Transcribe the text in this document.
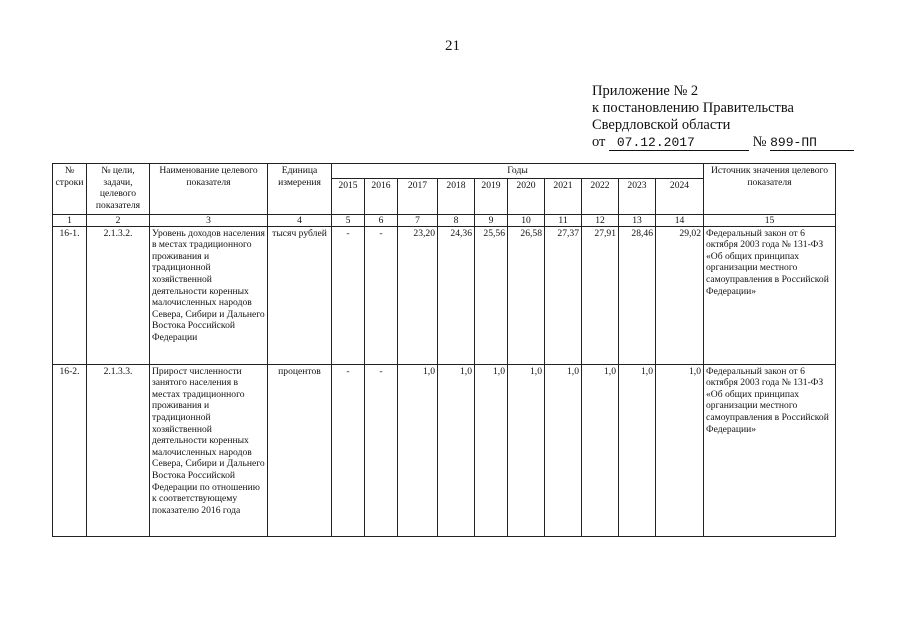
21
Приложение № 2
к постановлению Правительства
Свердловской области
от 07.12.2017	№ 899-ПП
№ строки	№ цели, задачи, целевого показателя	Наименование целевого показателя	Единица измерения	Годы										Источник значения целевого показателя
				2015	2016	2017	2018	2019	2020	2021	2022	2023	2024	
1	2	3	4	5	6	7	8	9	10	11	12	13	14	15
16-1.	2.1.3.2.	Уровень доходов населения в местах традиционного проживания и традиционной хозяйственной деятельности коренных малочисленных народов Севера, Сибири и Дальнего Востока Российской Федерации	тысяч рублей	-	-	23,20	24,36	25,56	26,58	27,37	27,91	28,46	29,02	Федеральный закон от 6 октября 2003 года № 131-ФЗ «Об общих принципах организации местного самоуправления в Российской Федерации»
16-2.	2.1.3.3.	Прирост численности занятого населения в местах традиционного проживания и традиционной хозяйственной деятельности коренных малочисленных народов Севера, Сибири и Дальнего Востока Российской Федерации по отношению к соответствующему показателю 2016 года	процентов	-	-	1,0	1,0	1,0	1,0	1,0	1,0	1,0	1,0	Федеральный закон от 6 октября 2003 года № 131-ФЗ «Об общих принципах организации местного самоуправления в Российской Федерации»
